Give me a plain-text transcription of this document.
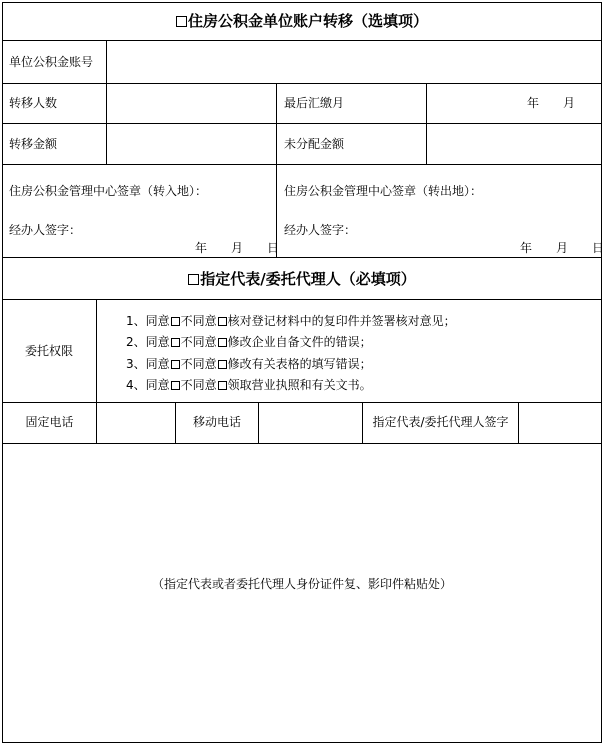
住房公积金单位账户转移（选填项）
单位公积金账号
转移人数	最后汇缴月	年　　月
转移金额	未分配金额
住房公积金管理中心签章（转入地）：
经办人签字：
年　　月　　日
住房公积金管理中心签章（转出地）：
经办人签字：
年　　月　　日
指定代表/委托代理人（必填项）
委托权限
1、同意 不同意 核对登记材料中的复印件并签署核对意见；
2、同意 不同意 修改企业自备文件的错误；
3、同意 不同意 修改有关表格的填写错误；
4、同意 不同意 领取营业执照和有关文书。
固定电话	移动电话	指定代表/委托代理人签字
（指定代表或者委托代理人身份证件复、影印件粘贴处）
